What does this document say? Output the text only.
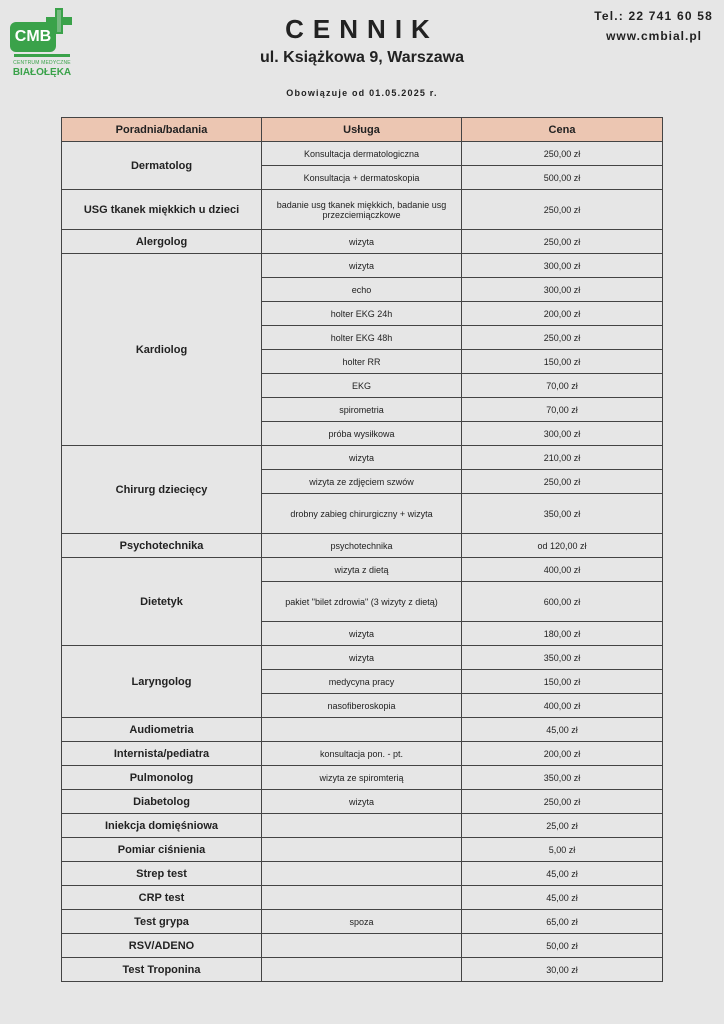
CMB
CENTRUM MEDYCZNE
BIAŁOŁĘKA
CENNIK
ul. Książkowa 9, Warszawa
Tel.: 22 741 60 58
www.cmbial.pl
Obowiązuje od 01.05.2025 r.
Poradnia/badania	Usługa	Cena
Dermatolog	Konsultacja dermatologiczna	250,00 zł
	Konsultacja + dermatoskopia	500,00 zł
USG tkanek miękkich u dzieci	badanie usg tkanek miękkich, badanie usg przezciemiączkowe	250,00 zł
Alergolog	wizyta	250,00 zł
Kardiolog	wizyta	300,00 zł
	echo	300,00 zł
	holter EKG 24h	200,00 zł
	holter EKG 48h	250,00 zł
	holter RR	150,00 zł
	EKG	70,00 zł
	spirometria	70,00 zł
	próba wysiłkowa	300,00 zł
Chirurg dziecięcy	wizyta	210,00 zł
	wizyta ze zdjęciem szwów	250,00 zł
	drobny zabieg chirurgiczny + wizyta	350,00 zł
Psychotechnika	psychotechnika	od 120,00 zł
Dietetyk	wizyta z dietą	400,00 zł
	pakiet "bilet zdrowia" (3 wizyty z dietą)	600,00 zł
	wizyta	180,00 zł
Laryngolog	wizyta	350,00 zł
	medycyna pracy	150,00 zł
	nasofiberoskopia	400,00 zł
Audiometria		45,00 zł
Internista/pediatra	konsultacja pon. - pt.	200,00 zł
Pulmonolog	wizyta ze spiromterią	350,00 zł
Diabetolog	wizyta	250,00 zł
Iniekcja domięśniowa		25,00 zł
Pomiar ciśnienia		5,00 zł
Strep test		45,00 zł
CRP test		45,00 zł
Test grypa	spoza	65,00 zł
RSV/ADENO		50,00 zł
Test Troponina		30,00 zł
